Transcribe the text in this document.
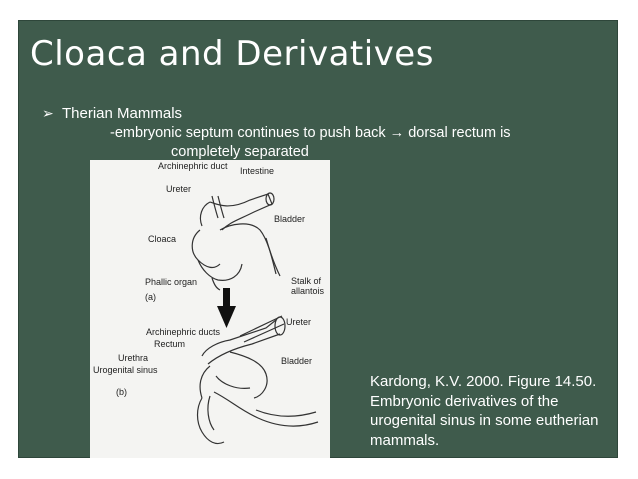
Cloaca and Derivatives
➢ Therian Mammals
-embryonic septum continues to push back → dorsal rectum is
completely separated
Archinephric duct Intestine
Ureter
Bladder
Cloaca
Phallic organ
(a)
Stalk of
allantois
Ureter
Archinephric ducts
Rectum
Urethra
Urogenital sinus
Bladder
(b)
Kardong, K.V. 2000. Figure 14.50. Embryonic derivatives of the urogenital sinus in some eutherian mammals.
